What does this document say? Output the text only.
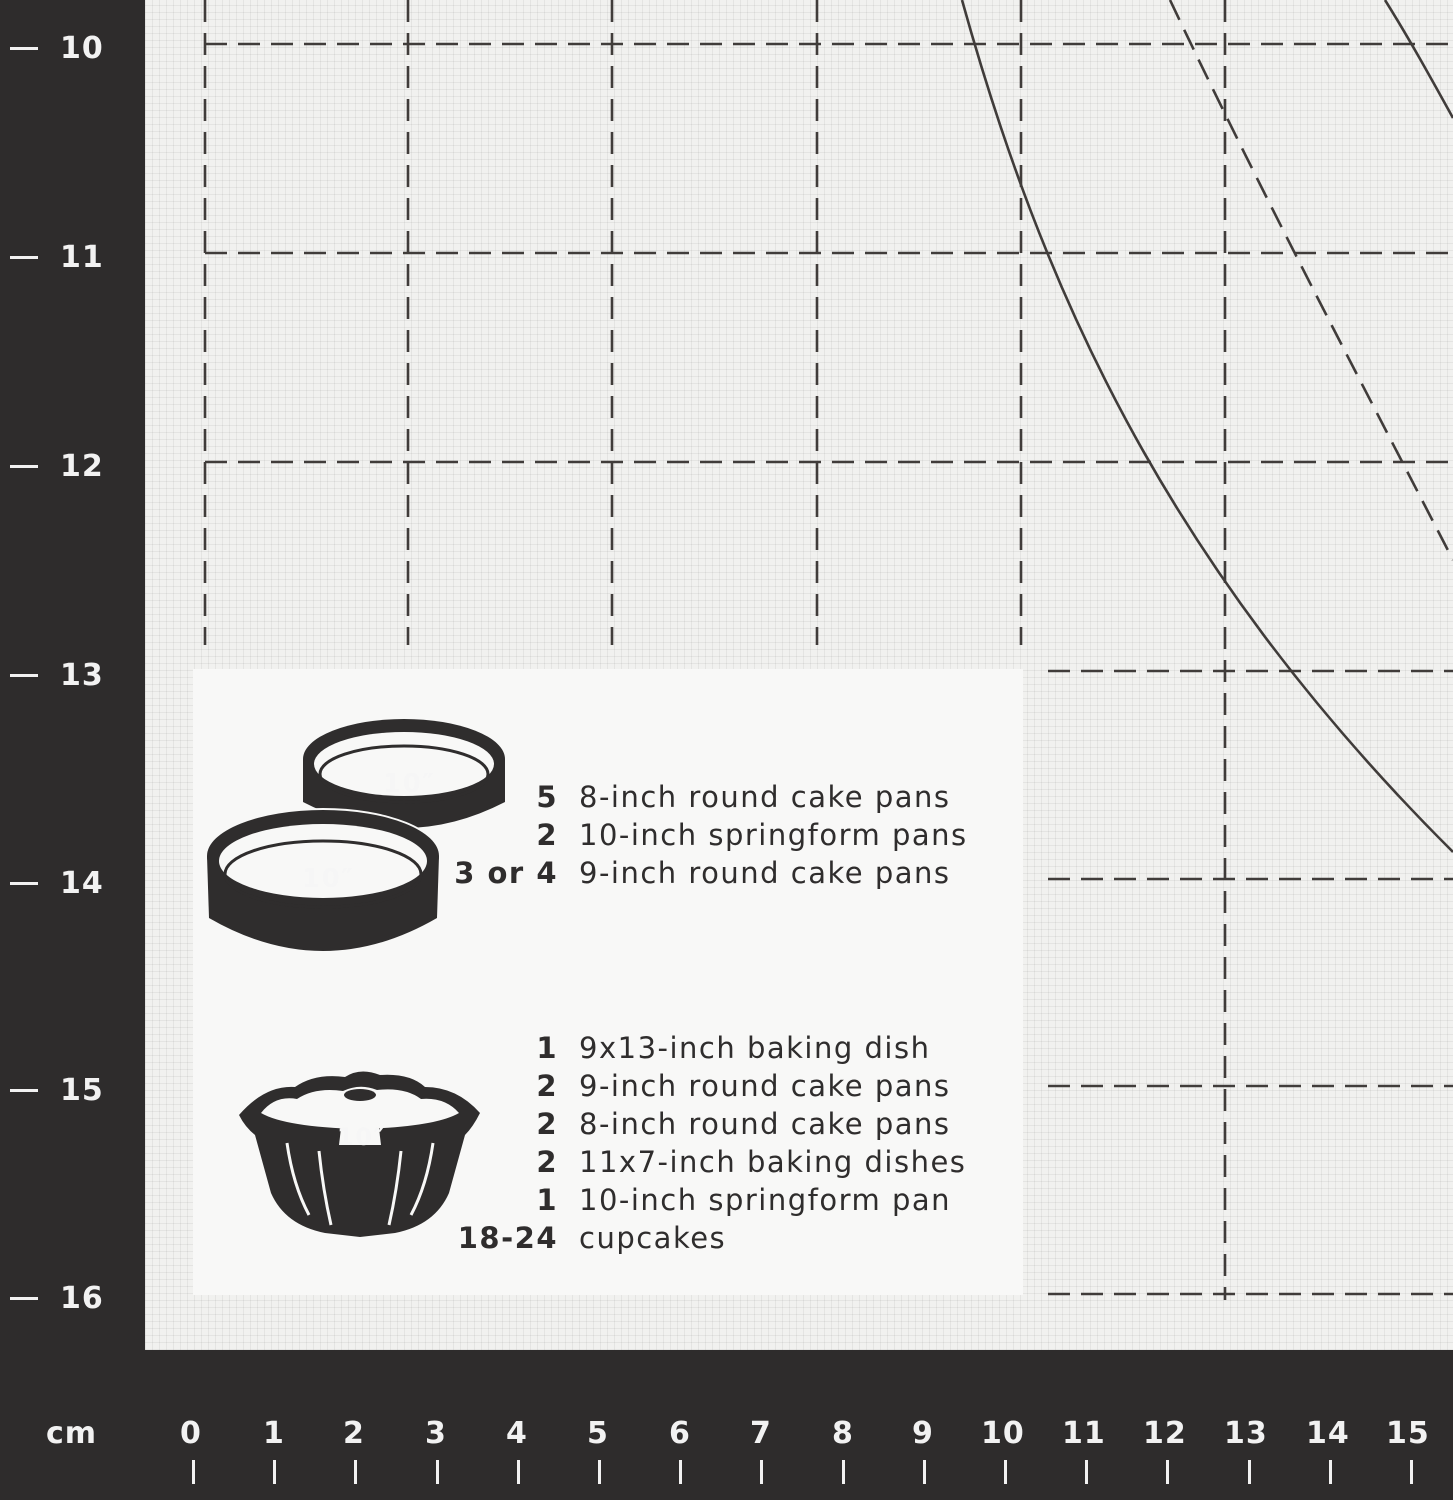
10
11
12
13
14
15
16
cm	0 1 2 3 4 5 6 7 8 9 10 11 12 13 14 15
10″
10″
10″
5 8-inch round cake pans
2 10-inch springform pans
3 or 4 9-inch round cake pans
1 9x13-inch baking dish
2 9-inch round cake pans
2 8-inch round cake pans
2 11x7-inch baking dishes
1 10-inch springform pan
18-24 cupcakes
